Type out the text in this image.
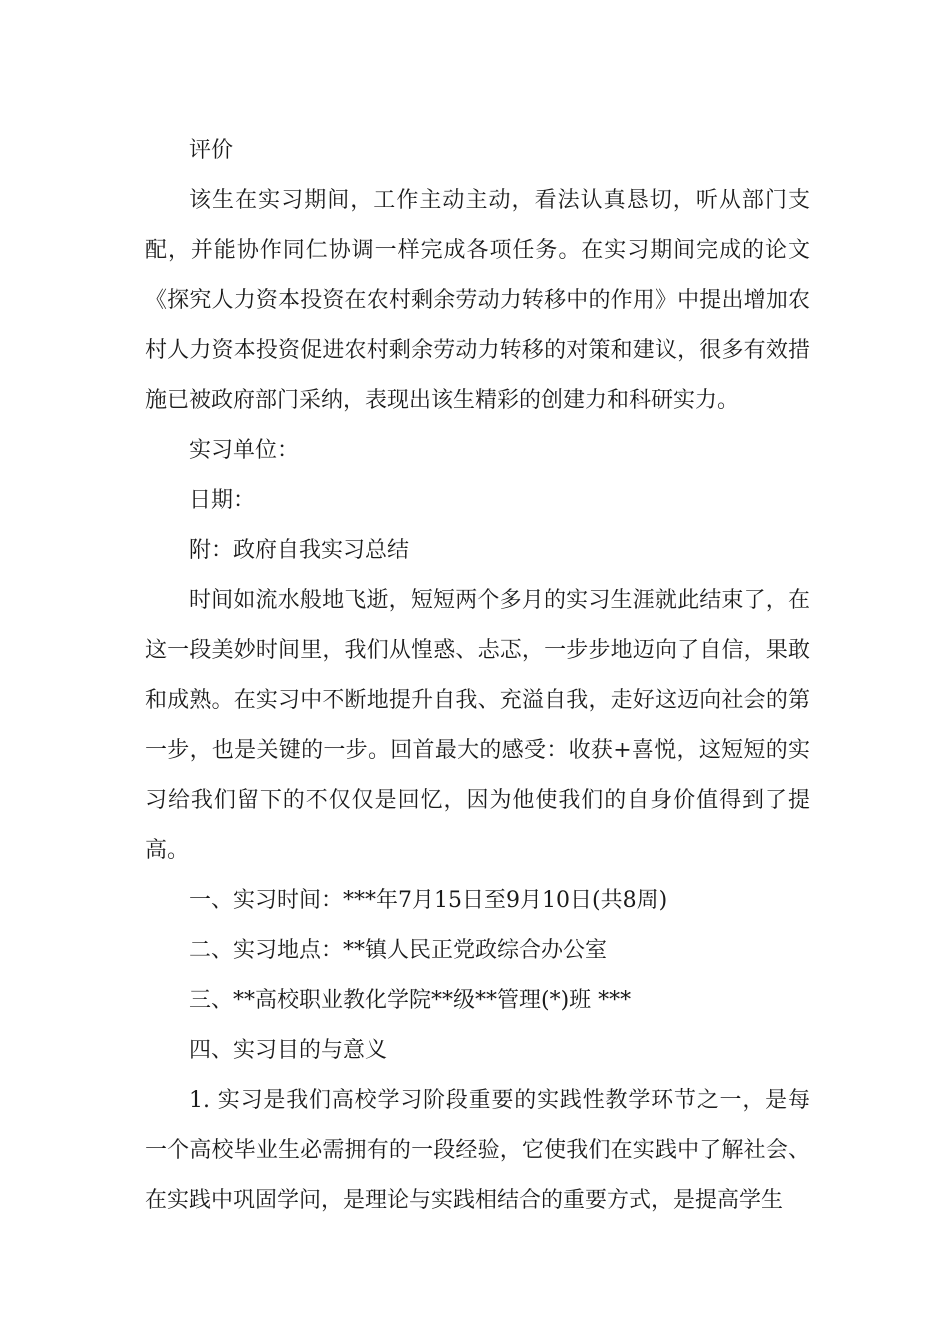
评价

该生在实习期间，工作主动主动，看法认真恳切，听从部门支配，并能协作同仁协调一样完成各项任务。在实习期间完成的论文《探究人力资本投资在农村剩余劳动力转移中的作用》中提出增加农村人力资本投资促进农村剩余劳动力转移的对策和建议，很多有效措施已被政府部门采纳，表现出该生精彩的创建力和科研实力。

实习单位：

日期：

附：政府自我实习总结

时间如流水般地飞逝，短短两个多月的实习生涯就此结束了，在这一段美妙时间里，我们从惶惑、忐忑，一步步地迈向了自信，果敢和成熟。在实习中不断地提升自我、充溢自我，走好这迈向社会的第一步，也是关键的一步。回首最大的感受：收获+喜悦，这短短的实习给我们留下的不仅仅是回忆，因为他使我们的自身价值得到了提高。

一、实习时间：***年7月15日至9月10日(共8周)

二、实习地点：**镇人民正党政综合办公室

三、**高校职业教化学院**级**管理(*)班 ***

四、实习目的与意义

1. 实习是我们高校学习阶段重要的实践性教学环节之一，是每一个高校毕业生必需拥有的一段经验，它使我们在实践中了解社会、在实践中巩固学问，是理论与实践相结合的重要方式，是提高学生
